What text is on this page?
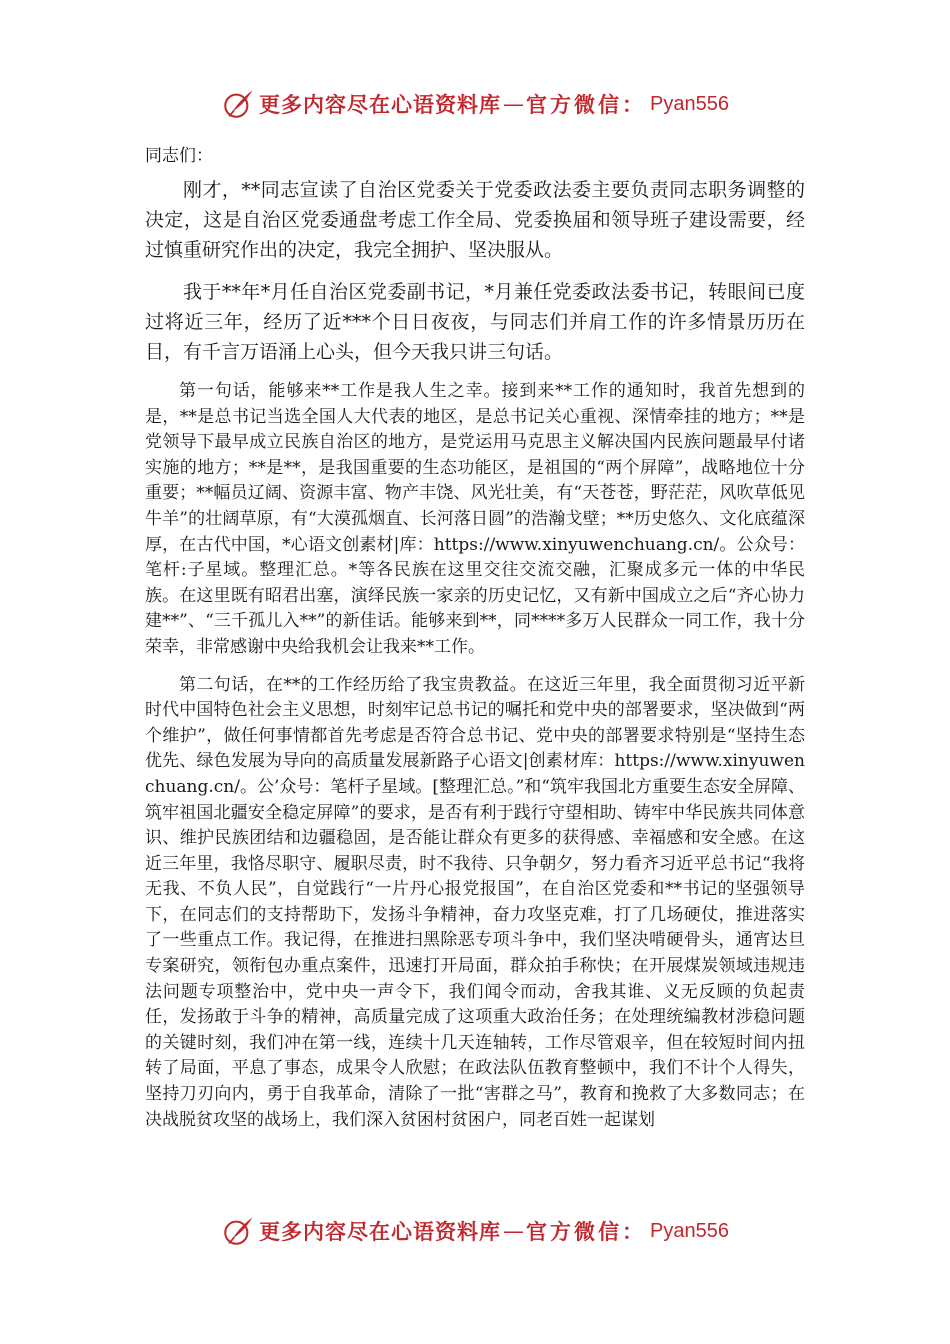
更多内容尽在心语资料库 — 官方微信： Pyan556
同志们：

刚才，**同志宣读了自治区党委关于党委政法委主要负责同志职务调整的决定，这是自治区党委通盘考虑工作全局、党委换届和领导班子建设需要，经过慎重研究作出的决定，我完全拥护、坚决服从。

我于**年*月任自治区党委副书记，*月兼任党委政法委书记，转眼间已度过将近三年，经历了近***个日日夜夜，与同志们并肩工作的许多情景历历在目，有千言万语涌上心头，但今天我只讲三句话。

第一句话，能够来**工作是我人生之幸。接到来**工作的通知时，我首先想到的是，**是总书记当选全国人大代表的地区，是总书记关心重视、深情牵挂的地方；**是党领导下最早成立民族自治区的地方，是党运用马克思主义解决国内民族问题最早付诸实施的地方；**是**，是我国重要的生态功能区，是祖国的“两个屏障”，战略地位十分重要；**幅员辽阔、资源丰富、物产丰饶、风光壮美，有“天苍苍，野茫茫，风吹草低见牛羊”的壮阔草原，有“大漠孤烟直、长河落日圆”的浩瀚戈壁；**历史悠久、文化底蕴深厚，在古代中国，*心语文创素材|库：https://www.xinyuwenchuang.cn/。公众号：笔杆:子星域。整理汇总。*等各民族在这里交往交流交融，汇聚成多元一体的中华民族。在这里既有昭君出塞，演绎民族一家亲的历史记忆，又有新中国成立之后“齐心协力建**”、“三千孤儿入**”的新佳话。能够来到**，同****多万人民群众一同工作，我十分荣幸，非常感谢中央给我机会让我来**工作。

第二句话，在**的工作经历给了我宝贵教益。在这近三年里，我全面贯彻习近平新时代中国特色社会主义思想，时刻牢记总书记的嘱托和党中央的部署要求，坚决做到“两个维护”，做任何事情都首先考虑是否符合总书记、党中央的部署要求特别是“坚持生态优先、绿色发展为导向的高质量发展新路子心语文|创素材库：https://www.xinyuwenchuang.cn/。公’众号：笔杆子星域。[整理汇总。”和“筑牢我国北方重要生态安全屏障、筑牢祖国北疆安全稳定屏障”的要求，是否有利于践行守望相助、铸牢中华民族共同体意识、维护民族团结和边疆稳固，是否能让群众有更多的获得感、幸福感和安全感。在这近三年里，我恪尽职守、履职尽责，时不我待、只争朝夕，努力看齐习近平总书记“我将无我、不负人民”，自觉践行“一片丹心报党报国”，在自治区党委和**书记的坚强领导下，在同志们的支持帮助下，发扬斗争精神，奋力攻坚克难，打了几场硬仗，推进落实了一些重点工作。我记得，在推进扫黑除恶专项斗争中，我们坚决啃硬骨头，通宵达旦专案研究，领衔包办重点案件，迅速打开局面，群众拍手称快；在开展煤炭领域违规违法问题专项整治中，党中央一声令下，我们闻令而动，舍我其谁、义无反顾的负起责任，发扬敢于斗争的精神，高质量完成了这项重大政治任务；在处理统编教材涉稳问题的关键时刻，我们冲在第一线，连续十几天连轴转，工作尽管艰辛，但在较短时间内扭转了局面，平息了事态，成果令人欣慰；在政法队伍教育整顿中，我们不计个人得失，坚持刀刃向内，勇于自我革命，清除了一批“害群之马”，教育和挽救了大多数同志；在决战脱贫攻坚的战场上，我们深入贫困村贫困户，同老百姓一起谋划

更多内容尽在心语资料库 — 官方微信： Pyan556
